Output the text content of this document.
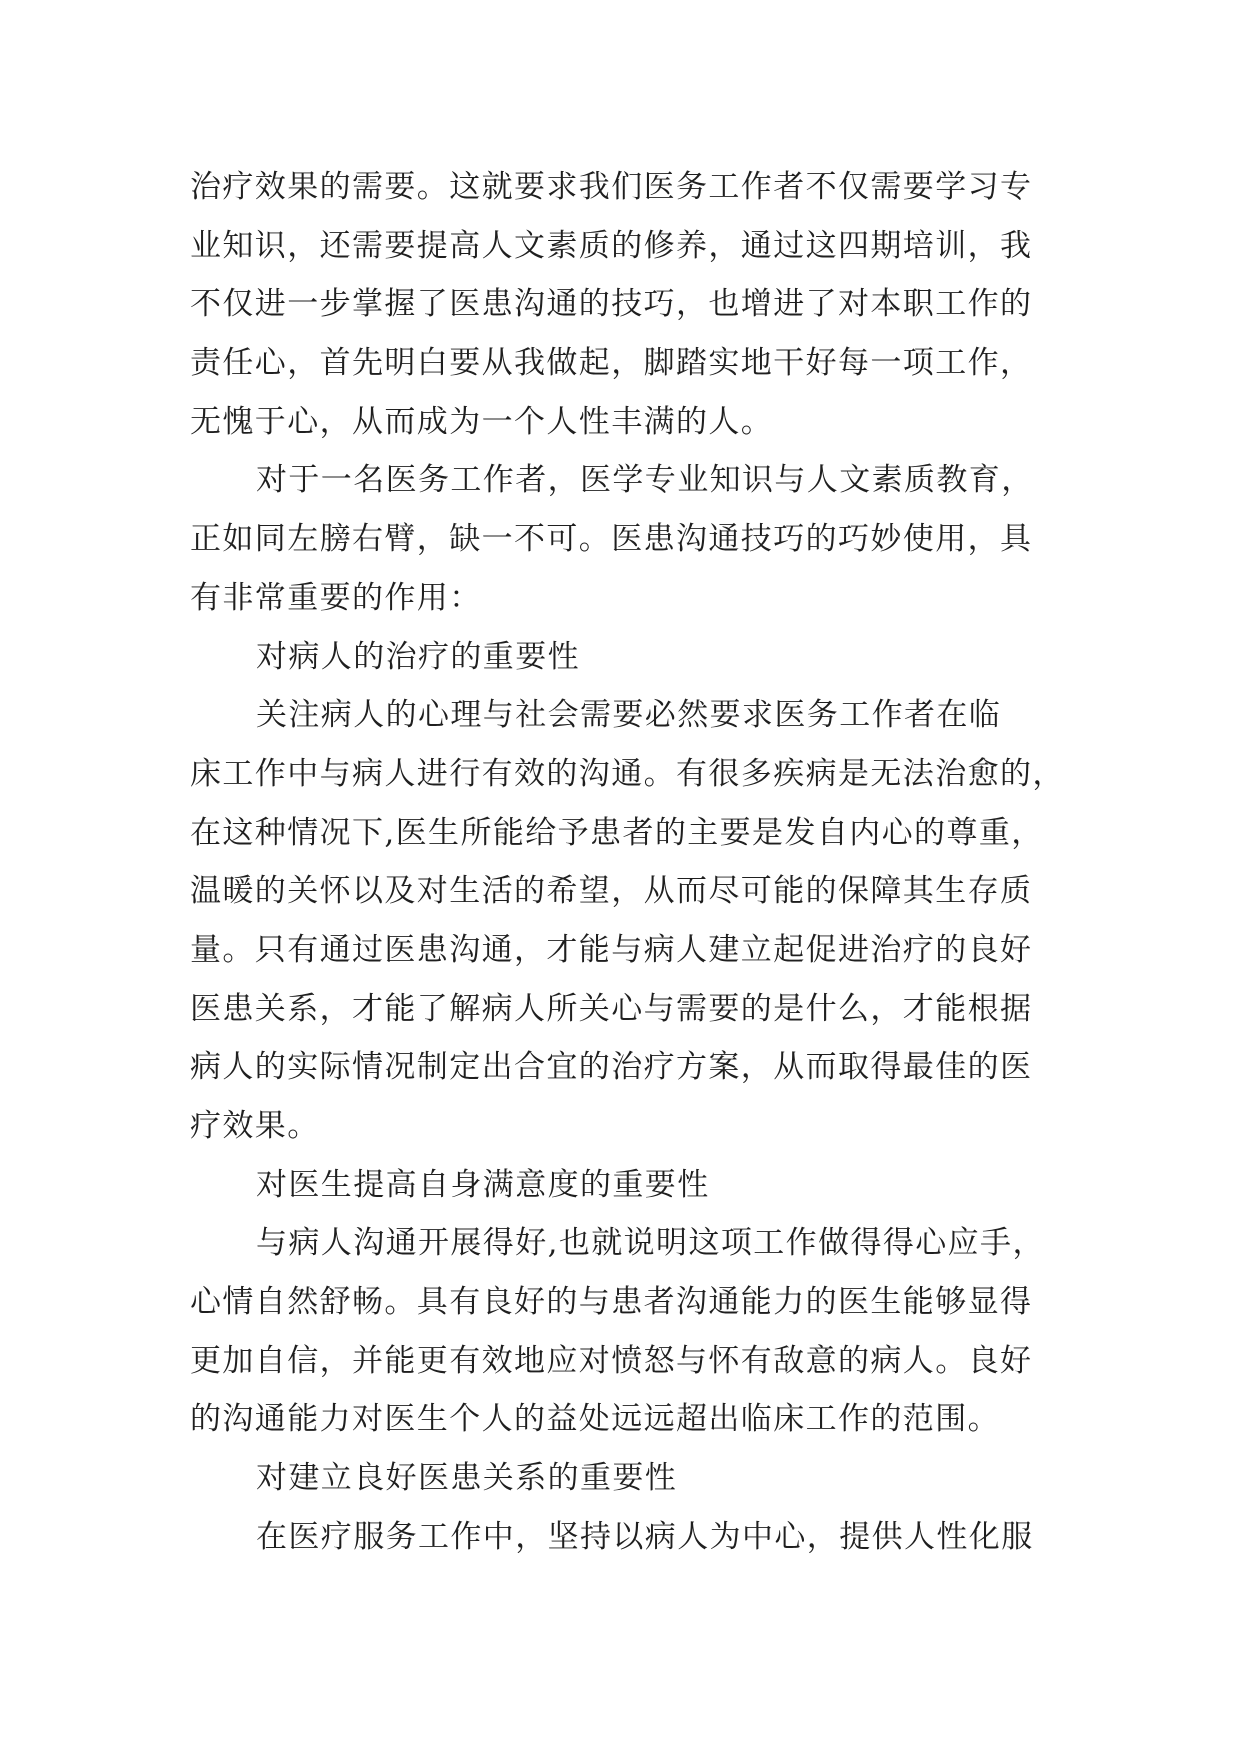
治疗效果的需要。这就要求我们医务工作者不仅需要学习专
业知识，还需要提高人文素质的修养，通过这四期培训，我
不仅进一步掌握了医患沟通的技巧，也增进了对本职工作的
责任心，首先明白要从我做起，脚踏实地干好每一项工作，
无愧于心，从而成为一个人性丰满的人。
对于一名医务工作者，医学专业知识与人文素质教育，
正如同左膀右臂，缺一不可。医患沟通技巧的巧妙使用，具
有非常重要的作用：
对病人的治疗的重要性
关注病人的心理与社会需要必然要求医务工作者在临
床工作中与病人进行有效的沟通。有很多疾病是无法治愈的，
在这种情况下,医生所能给予患者的主要是发自内心的尊重，
温暖的关怀以及对生活的希望，从而尽可能的保障其生存质
量。只有通过医患沟通，才能与病人建立起促进治疗的良好
医患关系，才能了解病人所关心与需要的是什么，才能根据
病人的实际情况制定出合宜的治疗方案，从而取得最佳的医
疗效果。
对医生提高自身满意度的重要性
与病人沟通开展得好,也就说明这项工作做得得心应手，
心情自然舒畅。具有良好的与患者沟通能力的医生能够显得
更加自信，并能更有效地应对愤怒与怀有敌意的病人。良好
的沟通能力对医生个人的益处远远超出临床工作的范围。
对建立良好医患关系的重要性
在医疗服务工作中，坚持以病人为中心，提供人性化服
